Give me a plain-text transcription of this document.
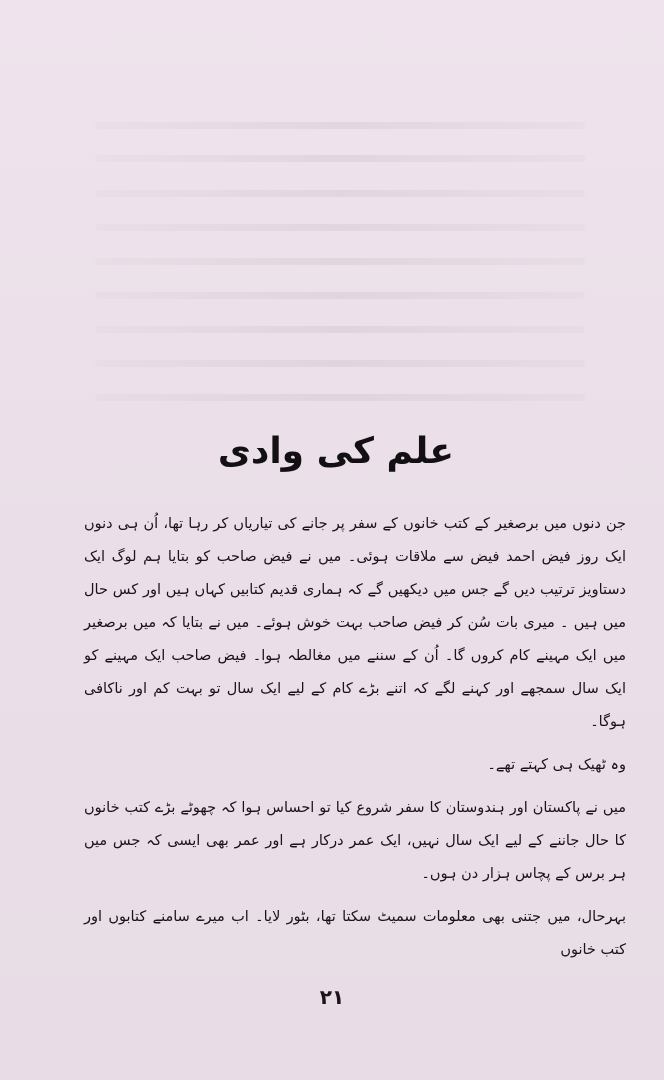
علم کی وادی

جن دنوں میں برصغیر کے کتب خانوں کے سفر پر جانے کی تیاریاں کر رہا تھا، اُن ہی دنوں ایک روز فیض احمد فیض سے ملاقات ہوئی۔ میں نے فیض صاحب کو بتایا ہم لوگ ایک دستاویز ترتیب دیں گے جس میں دیکھیں گے کہ ہماری قدیم کتابیں کہاں ہیں اور کس حال میں ہیں ۔ میری بات سُن کر فیض صاحب بہت خوش ہوئے۔ میں نے بتایا کہ میں برصغیر میں ایک مہینے کام کروں گا۔ اُن کے سننے میں مغالطہ ہوا۔ فیض صاحب ایک مہینے کو ایک سال سمجھے اور کہنے لگے کہ اتنے بڑے کام کے لیے ایک سال تو بہت کم اور ناکافی ہوگا۔

وہ ٹھیک ہی کہتے تھے۔

میں نے پاکستان اور ہندوستان کا سفر شروع کیا تو احساس ہوا کہ چھوٹے بڑے کتب خانوں کا حال جاننے کے لیے ایک سال نہیں، ایک عمر درکار ہے اور عمر بھی ایسی کہ جس میں ہر برس کے پچاس ہزار دن ہوں۔

بہرحال، میں جتنی بھی معلومات سمیٹ سکتا تھا، بٹور لایا۔ اب میرے سامنے کتابوں اور کتب خانوں

٢١
